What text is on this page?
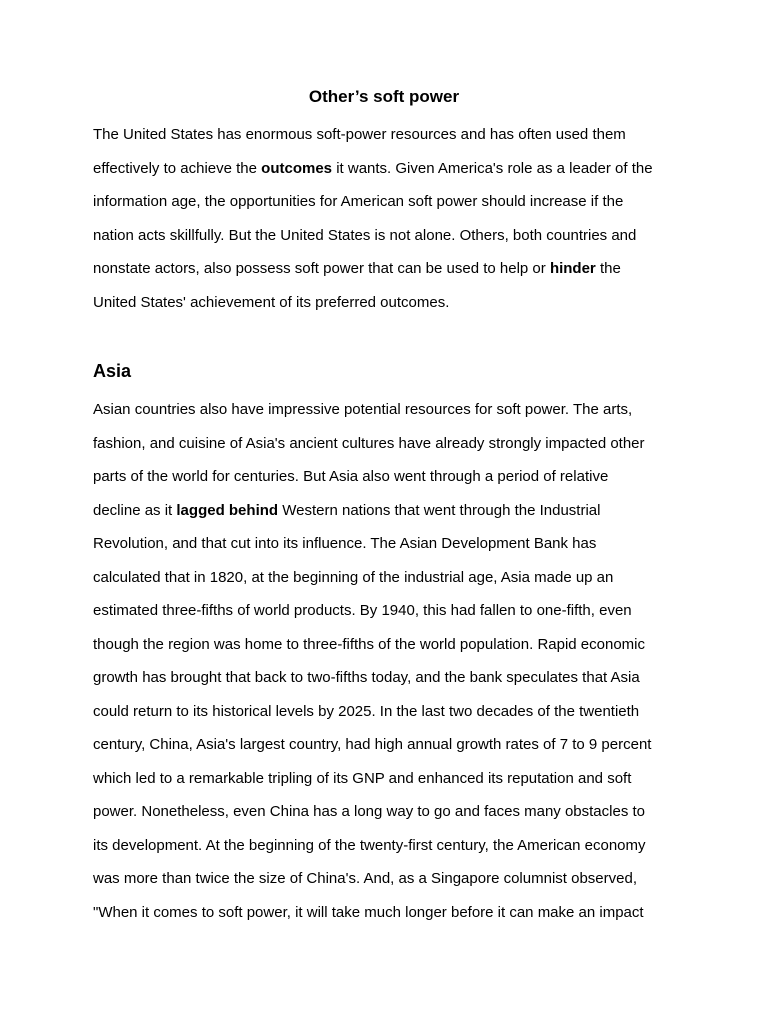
Other’s soft power
The United States has enormous soft-power resources and has often used them
effectively to achieve the outcomes it wants. Given America's role as a leader of the
information age, the opportunities for American soft power should increase if the
nation acts skillfully. But the United States is not alone. Others, both countries and
nonstate actors, also possess soft power that can be used to help or hinder the
United States' achievement of its preferred outcomes.
Asia
Asian countries also have impressive potential resources for soft power. The arts,
fashion, and cuisine of Asia's ancient cultures have already strongly impacted other
parts of the world for centuries. But Asia also went through a period of relative
decline as it lagged behind Western nations that went through the Industrial
Revolution, and that cut into its influence. The Asian Development Bank has
calculated that in 1820, at the beginning of the industrial age, Asia made up an
estimated three-fifths of world products. By 1940, this had fallen to one-fifth, even
though the region was home to three-fifths of the world population. Rapid economic
growth has brought that back to two-fifths today, and the bank speculates that Asia
could return to its historical levels by 2025. In the last two decades of the twentieth
century, China, Asia's largest country, had high annual growth rates of 7 to 9 percent
which led to a remarkable tripling of its GNP and enhanced its reputation and soft
power. Nonetheless, even China has a long way to go and faces many obstacles to
its development. At the beginning of the twenty-first century, the American economy
was more than twice the size of China's. And, as a Singapore columnist observed,
"When it comes to soft power, it will take much longer before it can make an impact
